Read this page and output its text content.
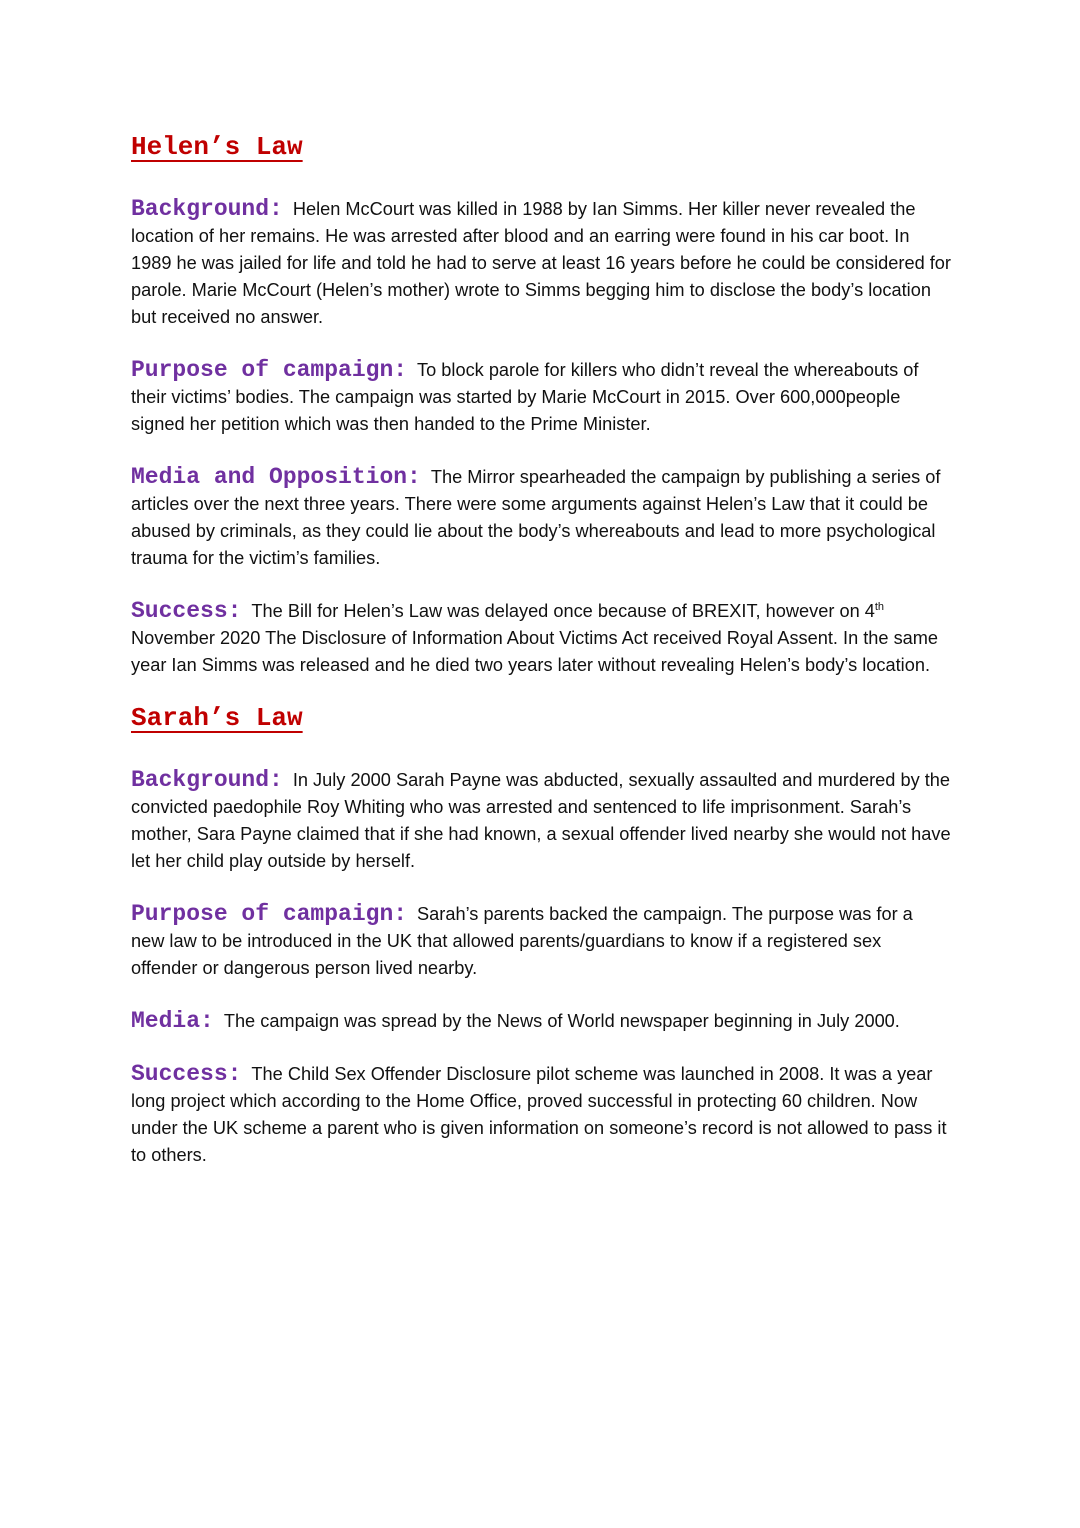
Helen’s Law

Background: Helen McCourt was killed in 1988 by Ian Simms. Her killer never revealed the location of her remains. He was arrested after blood and an earring were found in his car boot. In 1989 he was jailed for life and told he had to serve at least 16 years before he could be considered for parole. Marie McCourt (Helen’s mother) wrote to Simms begging him to disclose the body’s location but received no answer.

Purpose of campaign: To block parole for killers who didn’t reveal the whereabouts of their victims’ bodies. The campaign was started by Marie McCourt in 2015. Over 600,000people signed her petition which was then handed to the Prime Minister.

Media and Opposition: The Mirror spearheaded the campaign by publishing a series of articles over the next three years. There were some arguments against Helen’s Law that it could be abused by criminals, as they could lie about the body’s whereabouts and lead to more psychological trauma for the victim’s families.

Success: The Bill for Helen’s Law was delayed once because of BREXIT, however on 4th November 2020 The Disclosure of Information About Victims Act received Royal Assent. In the same year Ian Simms was released and he died two years later without revealing Helen’s body’s location.

Sarah’s Law

Background: In July 2000 Sarah Payne was abducted, sexually assaulted and murdered by the convicted paedophile Roy Whiting who was arrested and sentenced to life imprisonment. Sarah’s mother, Sara Payne claimed that if she had known, a sexual offender lived nearby she would not have let her child play outside by herself.

Purpose of campaign: Sarah’s parents backed the campaign. The purpose was for a new law to be introduced in the UK that allowed parents/guardians to know if a registered sex offender or dangerous person lived nearby.

Media: The campaign was spread by the News of World newspaper beginning in July 2000.

Success: The Child Sex Offender Disclosure pilot scheme was launched in 2008. It was a year long project which according to the Home Office, proved successful in protecting 60 children. Now under the UK scheme a parent who is given information on someone’s record is not allowed to pass it to others.
